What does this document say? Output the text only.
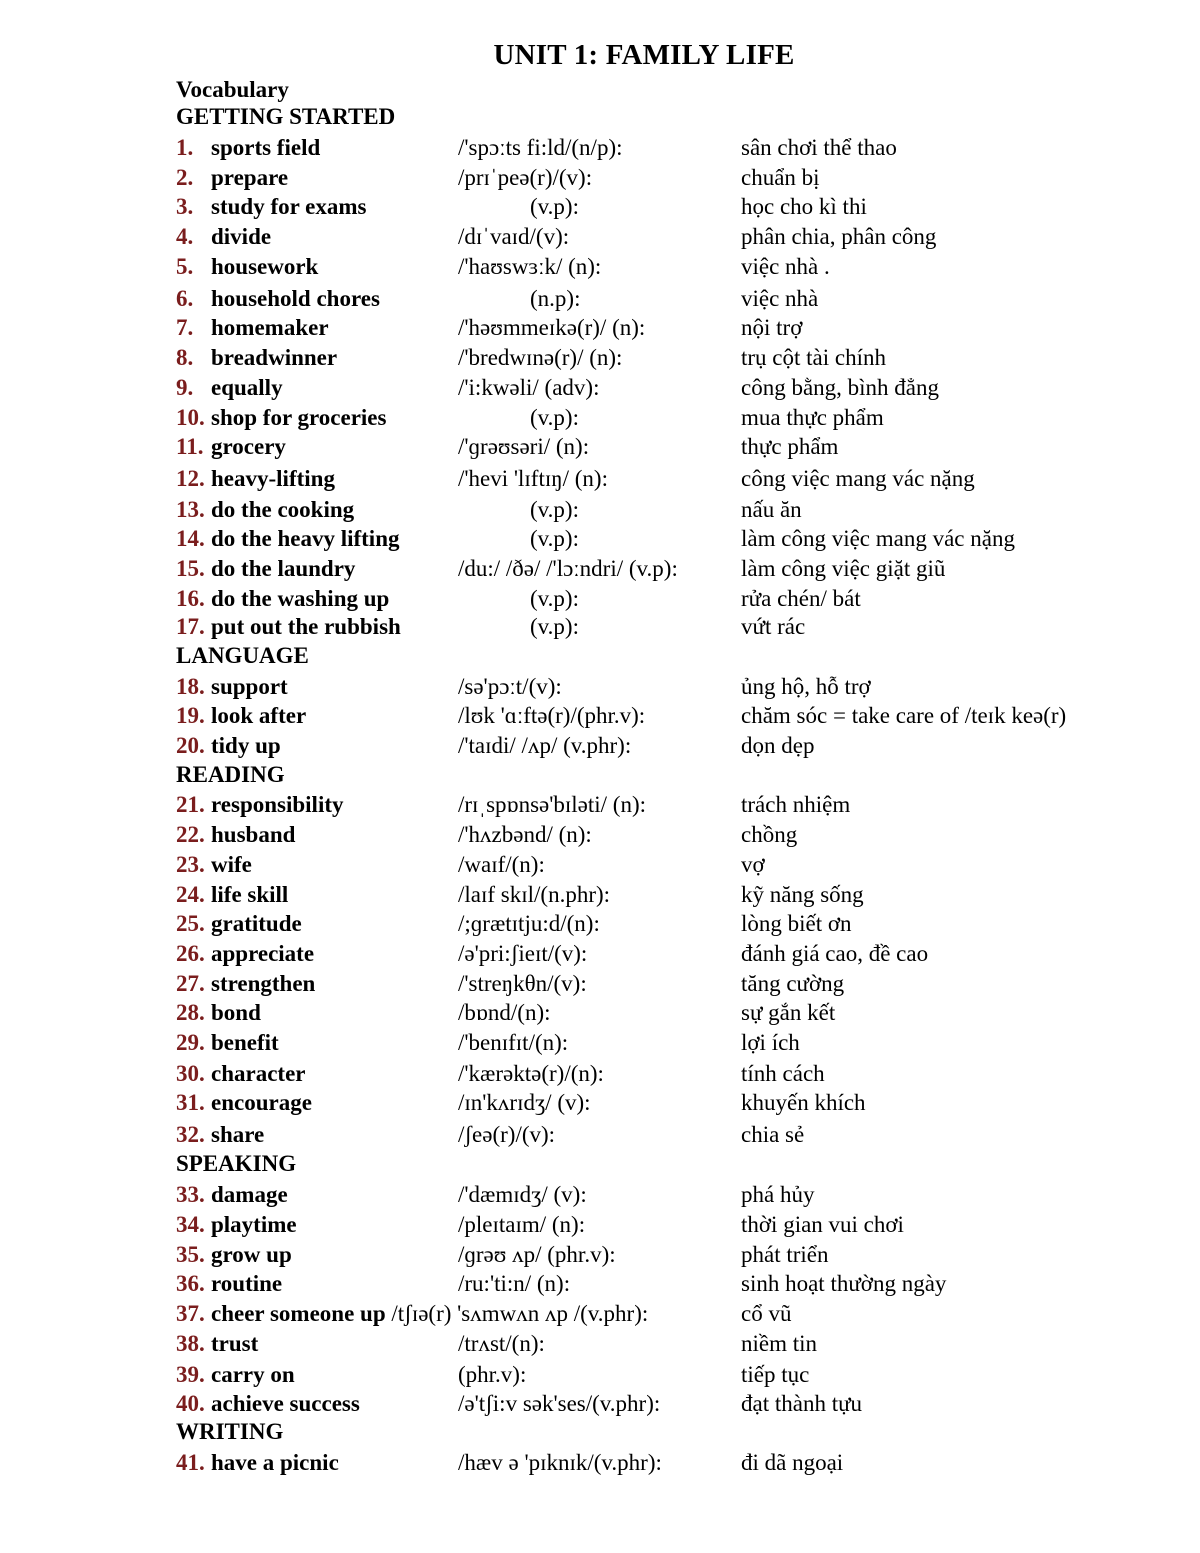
UNIT 1: FAMILY LIFE
Vocabulary
GETTING STARTED
LANGUAGE
READING
SPEAKING
WRITING
1. sports field	/'spɔːts fi:ld/(n/p):	sân chơi thể thao
2. prepare	/prɪˈpeə(r)/(v):	chuẩn bị
3. study for exams	(v.p):	học cho kì thi
4. divide	/dɪˈvaɪd/(v):	phân chia, phân công
5. housework	/'haʊswɜːk/ (n):	việc nhà .
6. household chores	(n.p):	việc nhà
7. homemaker	/'həʊmmeɪkə(r)/ (n):	nội trợ
8. breadwinner	/'bredwɪnə(r)/ (n):	trụ cột tài chính
9. equally	/'i:kwəli/ (adv):	công bằng, bình đẳng
10. shop for groceries	(v.p):	mua thực phẩm
11. grocery	/'ɡrəʊsəri/ (n):	thực phẩm
12. heavy-lifting	/'hevi 'lɪftɪŋ/ (n):	công việc mang vác nặng
13. do the cooking	(v.p):	nấu ăn
14. do the heavy lifting	(v.p):	làm công việc mang vác nặng
15. do the laundry	/du:/ /ðə/ /'lɔːndri/ (v.p):	làm công việc giặt giũ
16. do the washing up	(v.p):	rửa chén/ bát
17. put out the rubbish	(v.p):	vứt rác
18. support	/sə'pɔːt/(v):	ủng hộ, hỗ trợ
19. look after	/lʊk 'ɑːftə(r)/(phr.v):	chăm sóc = take care of /teɪk keə(r)
20. tidy up	/'taɪdi/ /ʌp/ (v.phr):	dọn dẹp
21. responsibility	/rɪˌspɒnsə'bɪləti/ (n):	trách nhiệm
22. husband	/'hʌzbənd/ (n):	chồng
23. wife	/waɪf/(n):	vợ
24. life skill	/laɪf skɪl/(n.phr):	kỹ năng sống
25. gratitude	/;ɡrætɪtju:d/(n):	lòng biết ơn
26. appreciate	/ə'pri:ʃieɪt/(v):	đánh giá cao, đề cao
27. strengthen	/'streŋkθn/(v):	tăng cường
28. bond	/bɒnd/(n):	sự gắn kết
29. benefit	/'benɪfɪt/(n):	lợi ích
30. character	/'kærəktə(r)/(n):	tính cách
31. encourage	/ɪn'kʌrɪdʒ/ (v):	khuyến khích
32. share	/ʃeə(r)/(v):	chia sẻ
33. damage	/'dæmɪdʒ/ (v):	phá hủy
34. playtime	/pleɪtaɪm/ (n):	thời gian vui chơi
35. grow up	/ɡrəʊ ʌp/ (phr.v):	phát triển
36. routine	/ru:'ti:n/ (n):	sinh hoạt thường ngày
37. cheer someone up /tʃɪə(r) 'sʌmwʌn ʌp /(v.phr):	cổ vũ
38. trust	/trʌst/(n):	niềm tin
39. carry on	(phr.v):	tiếp tục
40. achieve success	/ə'tʃi:v sək'ses/(v.phr):	đạt thành tựu
41. have a picnic	/hæv ə 'pɪknɪk/(v.phr):	đi dã ngoại
